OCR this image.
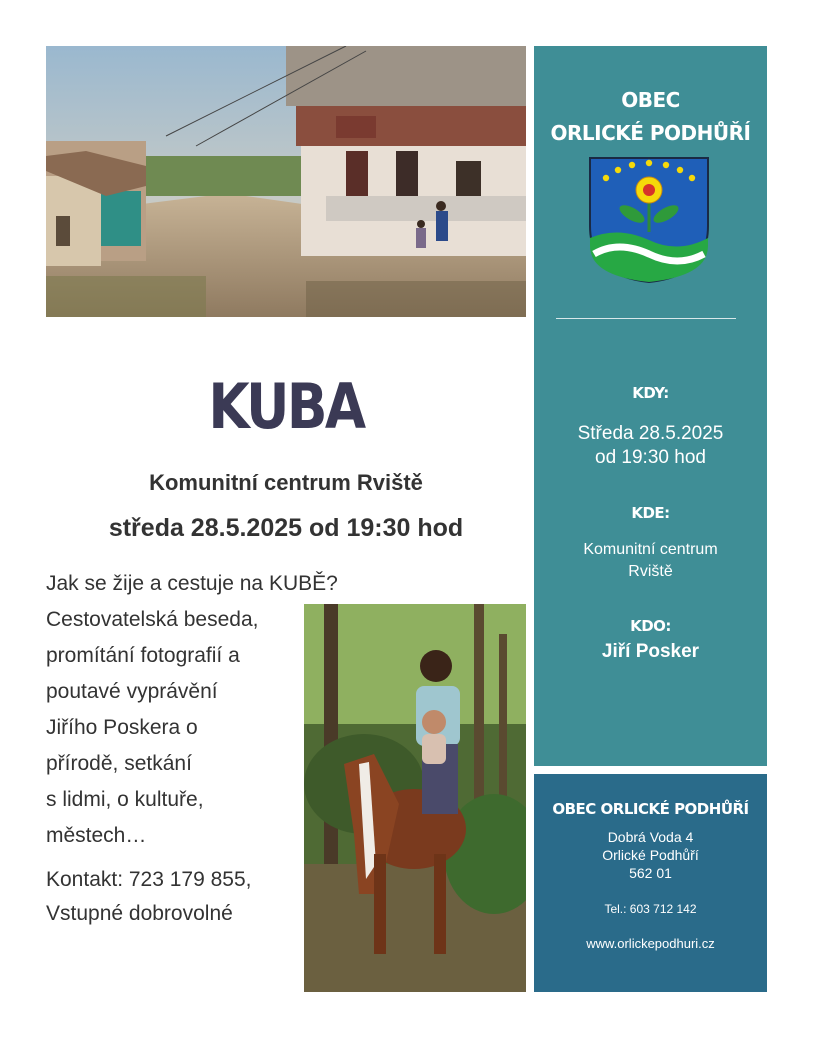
OBEC
ORLICKÉ PODHŮŘÍ
KDY:
Středa 28.5.2025
od 19:30 hod
KDE:
Komunitní centrum
Rviště
KDO:
Jiří Posker
OBEC ORLICKÉ PODHŮŘÍ
Dobrá Voda 4
Orlické Podhůří
562 01
Tel.: 603 712 142
www.orlickepodhuri.cz
KUBA
Komunitní centrum Rviště
středa 28.5.2025 od 19:30 hod
Jak se žije a cestuje na KUBĚ?
Cestovatelská beseda,
promítání fotografií a
poutavé vyprávění
Jiřího Poskera o
přírodě, setkání
s lidmi, o kultuře,
městech…
Kontakt: 723 179 855,
Vstupné dobrovolné
